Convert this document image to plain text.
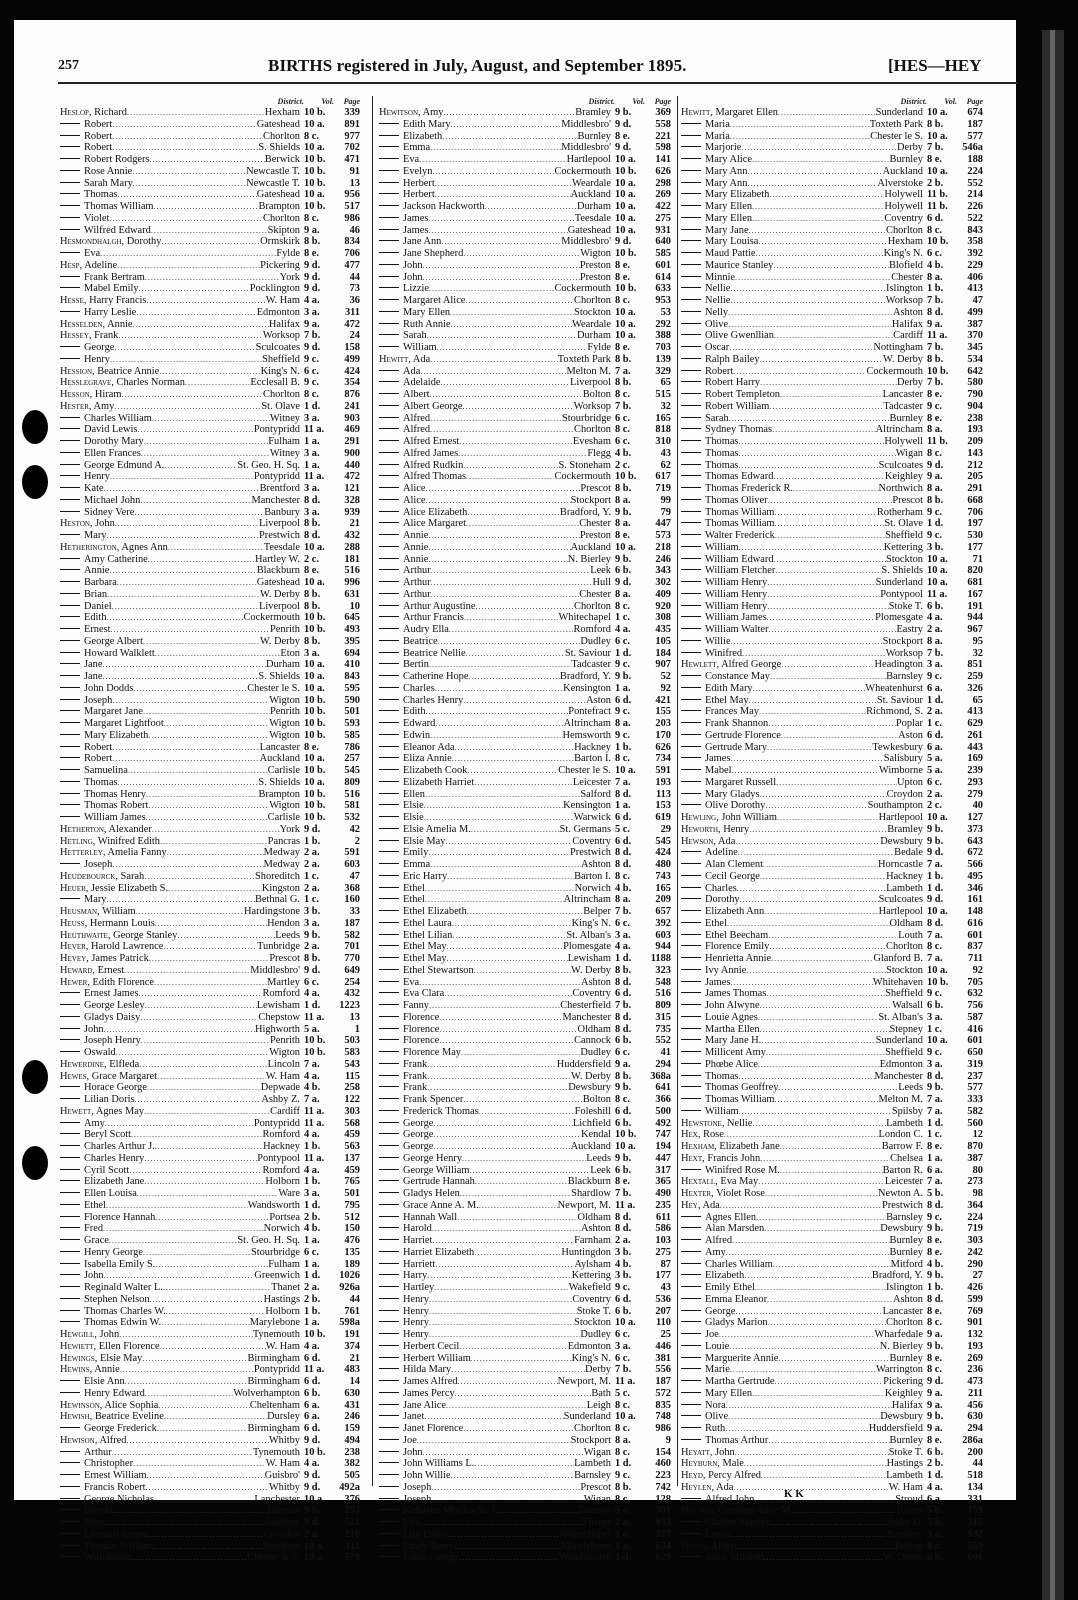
257	BIRTHS registered in July, August, and September 1895.	[HES—HEY
District.	Vol.	Page
Heslop, Richard .....	Hexham 10 b.	339
Robert .....	Gateshead 10 a.	891
Robert .....	Chorlton 8 c.	977
Robert .....	S. Shields 10 a.	702
Robert Rodgers .....	Berwick 10 b.	471
Rose Annie .....	Newcastle T. 10 b.	91
Sarah Mary .....	Newcastle T. 10 b.	13
Thomas .....	Gateshead 10 a.	956
Thomas William .....	Brampton 10 b.	517
Violet .....	Chorlton 8 c.	986
Wilfred Edward .....	Skipton 9 a.	46
Hesmondhalgh, Dorothy .....	Ormskirk 8 b.	834
Eva .....	Fylde 8 e.	706
Hesp, Adeline .....	Pickering 9 d.	477
Frank Bertram .....	York 9 d.	44
Mabel Emily .....	Pocklington 9 d.	73
Hesse, Harry Francis .....	W. Ham 4 a.	36
Harry Leslie .....	Edmonton 3 a.	311
Hesselden, Annie .....	Halifax 9 a.	472
Hessey, Frank .....	Worksop 7 b.	24
George .....	Sculcoates 9 d.	158
Henry .....	Sheffield 9 c.	499
Hession, Beatrice Annie .....	King's N. 6 c.	424
Hesslegrave, Charles Norman .....	Ecclesall B. 9 c.	354
Hesson, Hiram .....	Chorlton 8 c.	876
Hester, Amy .....	St. Olave 1 d.	241
Charles William .....	Witney 3 a.	903
David Lewis .....	Pontypridd 11 a.	469
Dorothy Mary .....	Fulham 1 a.	291
Ellen Frances .....	Witney 3 a.	900
George Edmund A. .....	St. Geo. H. Sq. 1 a.	440
Henry .....	Pontypridd 11 a.	472
Kate .....	Brentford 3 a.	121
Michael John .....	Manchester 8 d.	328
Sidney Vere .....	Banbury 3 a.	939
Heston, John .....	Liverpool 8 b.	21
Mary .....	Prestwich 8 d.	432
Hetherington, Agnes Ann .....	Teesdale 10 a.	288
Amy Catherine .....	Hartley W. 2 c.	181
Annie .....	Blackburn 8 e.	516
Barbara .....	Gateshead 10 a.	996
Brian .....	W. Derby 8 b.	631
Daniel .....	Liverpool 8 b.	10
Edith .....	Cockermouth 10 b.	645
Ernest .....	Penrith 10 b.	493
George Albert .....	W. Derby 8 b.	395
Howard Walklett .....	Eton 3 a.	694
Jane .....	Durham 10 a.	410
Jane .....	S. Shields 10 a.	843
John Dodds .....	Chester le S. 10 a.	595
Joseph .....	Wigton 10 b.	590
Margaret Jane .....	Penrith 10 b.	501
Margaret Lightfoot .....	Wigton 10 b.	593
Mary Elizabeth .....	Wigton 10 b.	585
Robert .....	Lancaster 8 e.	786
Robert .....	Auckland 10 a.	257
Samuelina .....	Carlisle 10 b.	545
Thomas .....	S. Shields 10 a.	809
Thomas Henry .....	Brampton 10 b.	516
Thomas Robert .....	Wigton 10 b.	581
William James .....	Carlisle 10 b.	532
Hetherton, Alexander .....	York 9 d.	42
Hetling, Winifred Edith .....	Pancras 1 b.	2
Hetterley, Amelia Fanny .....	Medway 2 a.	591
Joseph .....	Medway 2 a.	603
Heudebourck, Sarah .....	Shoreditch 1 c.	47
Heuer, Jessie Elizabeth S. .....	Kingston 2 a.	368
Mary .....	Bethnal G. 1 c.	160
Heusman, William .....	Hardingstone 3 b.	33
Heuss, Hermann Louis .....	Hendon 3 a.	187
Heuthwaite, George Stanley .....	Leeds 9 b.	582
Hever, Harold Lawrence .....	Tunbridge 2 a.	701
Hevey, James Patrick .....	Prescot 8 b.	770
Heward, Ernest .....	Middlesbro' 9 d.	649
Hewer, Edith Florence .....	Martley 6 c.	254
Ernest James .....	Romford 4 a.	432
George Lesley .....	Lewisham 1 d.	1223
Gladys Daisy .....	Chepstow 11 a.	13
John .....	Highworth 5 a.	1
Joseph Henry .....	Penrith 10 b.	503
Oswald .....	Wigton 10 b.	583
Hewerdine, Elfleda .....	Lincoln 7 a.	543
Hewes, Grace Margaret .....	W. Ham 4 a.	115
Horace George .....	Depwade 4 b.	258
Lilian Doris .....	Ashby Z. 7 a.	122
Hewett, Agnes May .....	Cardiff 11 a.	303
Amy .....	Pontypridd 11 a.	568
Beryl Scott .....	Romford 4 a.	459
Charles Arthur J. .....	Hackney 1 b.	563
Charles Henry .....	Pontypool 11 a.	137
Cyril Scott .....	Romford 4 a.	459
Elizabeth Jane .....	Holborn 1 b.	765
Ellen Louisa .....	Ware 3 a.	501
Ethel .....	Wandsworth 1 d.	795
Florence Hannah .....	Portsea 2 b.	512
Fred .....	Norwich 4 b.	150
Grace .....	St. Geo. H. Sq. 1 a.	476
Henry George .....	Stourbridge 6 c.	135
Isabella Emily S. .....	Fulham 1 a.	189
John .....	Greenwich 1 d.	1026
Reginald Walter L. .....	Thanet 2 a.	926a
Stephen Nelson .....	Hastings 2 b.	44
Thomas Charles W. .....	Holborn 1 b.	761
Thomas Edwin W. .....	Marylebone 1 a.	598a
Hewgill, John .....	Tynemouth 10 b.	191
Hewiett, Ellen Florence .....	W. Ham 4 a.	374
Hewings, Elsie May .....	Birmingham 6 d.	21
Hewins, Annie .....	Pontypridd 11 a.	483
Elsie Ann .....	Birmingham 6 d.	14
Henry Edward .....	Wolverhampton 6 b.	630
Hewinson, Alice Sophia .....	Cheltenham 6 a.	431
Hewish, Beatrice Eveline .....	Dursley 6 a.	246
George Frederick .....	Birmingham 6 d.	159
Hewison, Alfred .....	Whitby 9 d.	494
Arthur .....	Tynemouth 10 b.	238
Christopher .....	W. Ham 4 a.	382
Ernest William .....	Guisbro' 9 d.	505
Francis Robert .....	Whitby 9 d.	492a
George Nicholas .....	Lanchester 10 a.	376
Harold .....	Hunslet 9 b.	253
John .....	Guisbro' 9 d.	521
Leonard James .....	Croydon 2 a.	216
Thomas William .....	Stockton 10 a.	111
Williamina .....	Chester le S. 10 a.	579
District.	Vol.	Page
Hewitson, Amy .....	Bramley 9 b.	369
Edith Mary .....	Middlesbro' 9 d.	558
Elizabeth .....	Burnley 8 e.	221
Emma .....	Middlesbro' 9 d.	598
Eva .....	Hartlepool 10 a.	141
Evelyn .....	Cockermouth 10 b.	626
Herbert .....	Weardale 10 a.	298
Herbert .....	Auckland 10 a.	269
Jackson Hackworth .....	Durham 10 a.	422
James .....	Teesdale 10 a.	275
James .....	Gateshead 10 a.	931
Jane Ann .....	Middlesbro' 9 d.	640
Jane Shepherd .....	Wigton 10 b.	585
John .....	Preston 8 e.	601
John .....	Preston 8 e.	614
Lizzie .....	Cockermouth 10 b.	633
Margaret Alice .....	Chorlton 8 c.	953
Mary Ellen .....	Stockton 10 a.	53
Ruth Annie .....	Weardale 10 a.	292
Sarah .....	Durham 10 a.	388
William .....	Fylde 8 e.	703
Hewitt, Ada .....	Toxteth Park 8 b.	139
Ada .....	Melton M. 7 a.	329
Adelaide .....	Liverpool 8 b.	65
Albert .....	Bolton 8 c.	515
Albert George .....	Worksop 7 b.	32
Alfred .....	Stourbridge 6 c.	165
Alfred .....	Chorlton 8 c.	818
Alfred Ernest .....	Evesham 6 c.	310
Alfred James .....	Flegg 4 b.	43
Alfred Rudkin .....	S. Stoneham 2 c.	62
Alfred Thomas .....	Cockermouth 10 b.	617
Alice .....	Prescot 8 b.	719
Alice .....	Stockport 8 a.	99
Alice Elizabeth .....	Bradford, Y. 9 b.	79
Alice Margaret .....	Chester 8 a.	447
Annie .....	Preston 8 e.	573
Annie .....	Auckland 10 a.	218
Annie .....	N. Bierley 9 b.	246
Arthur .....	Leek 6 b.	343
Arthur .....	Hull 9 d.	302
Arthur .....	Chester 8 a.	409
Arthur Augustine .....	Chorlton 8 c.	920
Arthur Francis .....	Whitechapel 1 c.	308
Audry Ella .....	Romford 4 a.	435
Beatrice .....	Dudley 6 c.	105
Beatrice Nellie .....	St. Saviour 1 d.	184
Bertin .....	Tadcaster 9 c.	907
Catherine Hope .....	Bradford, Y. 9 b.	52
Charles .....	Kensington 1 a.	92
Charles Henry .....	Aston 6 d.	421
Edith .....	Pontefract 9 c.	155
Edward .....	Altrincham 8 a.	203
Edwin .....	Hemsworth 9 c.	170
Eleanor Ada .....	Hackney 1 b.	626
Eliza Annie .....	Barton I. 8 c.	734
Elizabeth Cook .....	Chester le S. 10 a.	591
Elizabeth Harriet .....	Leicester 7 a.	193
Ellen .....	Salford 8 d.	113
Elsie .....	Kensington 1 a.	153
Elsie .....	Warwick 6 d.	619
Elsie Amelia M. .....	St. Germans 5 c.	29
Elsie May .....	Coventry 6 d.	545
Emily .....	Prestwich 8 d.	424
Emma .....	Ashton 8 d.	480
Eric Harry .....	Barton I. 8 c.	743
Ethel .....	Norwich 4 b.	165
Ethel .....	Altrincham 8 a.	209
Ethel Elizabeth .....	Belper 7 b.	657
Ethel Laura .....	King's N. 6 c.	392
Ethel Lilian .....	St. Alban's 3 a.	603
Ethel May .....	Plomesgate 4 a.	944
Ethel May .....	Lewisham 1 d.	1188
Ethel Stewartson .....	W. Derby 8 b.	323
Eva .....	Ashton 8 d.	548
Eva Clara .....	Coventry 6 d.	516
Fanny .....	Chesterfield 7 b.	809
Florence .....	Manchester 8 d.	315
Florence .....	Oldham 8 d.	735
Florence .....	Cannock 6 b.	552
Florence May .....	Dudley 6 c.	41
Frank .....	Huddersfield 9 a.	294
Frank .....	W. Derby 8 b.	368a
Frank .....	Dewsbury 9 b.	641
Frank Spencer .....	Bolton 8 c.	366
Frederick Thomas .....	Foleshill 6 d.	500
George .....	Lichfield 6 b.	492
George .....	Kendal 10 b.	747
George .....	Auckland 10 a.	194
George Henry .....	Leeds 9 b.	447
George William .....	Leek 6 b.	317
Gertrude Hannah .....	Blackburn 8 e.	365
Gladys Helen .....	Shardlow 7 b.	490
Grace Anne A. M. .....	Newport, M. 11 a.	235
Hannah Wall .....	Oldham 8 d.	611
Harold .....	Ashton 8 d.	586
Harriet .....	Farnham 2 a.	103
Harriet Elizabeth .....	Huntingdon 3 b.	275
Harriett .....	Aylsham 4 b.	87
Harry .....	Kettering 3 b.	177
Hartley .....	Wakefield 9 c.	43
Henry .....	Coventry 6 d.	536
Henry .....	Stoke T. 6 b.	207
Henry .....	Stockton 10 a.	110
Henry .....	Dudley 6 c.	25
Herbert Cecil .....	Edmonton 3 a.	446
Herbert William .....	King's N. 6 c.	381
Hilda Mary .....	Derby 7 b.	556
James Alfred .....	Newport, M. 11 a.	187
James Percy .....	Bath 5 c.	572
Jane Alice .....	Leigh 8 c.	835
Janet .....	Sunderland 10 a.	748
Janet Florence .....	Chorlton 8 c.	986
Joe .....	Stockport 8 a.	9
John .....	Wigan 8 c.	154
John Williams L. .....	Lambeth 1 d.	460
John Willie .....	Barnsley 9 c.	223
Joseph .....	Prescot 8 b.	742
Joseph .....	Wigan 8 c.	128
Kathleen Monica St. J. .....	Taunton 5 c.	301
Lily .....	Thanet 2 a.	933
Lily Emily .....	Whitechapel 1 c.	327
Lindy Berry .....	Marylebone 1 a.	634
Louis George .....	Wandsworth 1 d.	629
District.	Vol.	Page
Hewitt, Margaret Ellen .....	Sunderland 10 a.	674
Maria .....	Toxteth Park 8 b.	187
Maria .....	Chester le S. 10 a.	577
Marjorie .....	Derby 7 b.	546a
Mary Alice .....	Burnley 8 e.	188
Mary Ann .....	Auckland 10 a.	224
Mary Ann .....	Alverstoke 2 b.	552
Mary Elizabeth .....	Holywell 11 b.	214
Mary Ellen .....	Holywell 11 b.	226
Mary Ellen .....	Coventry 6 d.	522
Mary Jane .....	Chorlton 8 c.	843
Mary Louisa .....	Hexham 10 b.	358
Maud Pattie .....	King's N. 6 c.	392
Maurice Stanley .....	Blofield 4 b.	229
Minnie .....	Chester 8 a.	406
Nellie .....	Islington 1 b.	413
Nellie .....	Worksop 7 b.	47
Nelly .....	Ashton 8 d.	499
Olive .....	Halifax 9 a.	387
Olive Gwenllian .....	Cardiff 11 a.	370
Oscar .....	Nottingham 7 b.	345
Ralph Bailey .....	W. Derby 8 b.	534
Robert .....	Cockermouth 10 b.	642
Robert Harry .....	Derby 7 b.	580
Robert Templeton .....	Lancaster 8 e.	790
Robert William .....	Tadcaster 9 c.	904
Sarah .....	Burnley 8 e.	238
Sydney Thomas .....	Altrincham 8 a.	193
Thomas .....	Holywell 11 b.	209
Thomas .....	Wigan 8 c.	143
Thomas .....	Sculcoates 9 d.	212
Thomas Edward .....	Keighley 9 a.	205
Thomas Frederick R. .....	Northwich 8 a.	291
Thomas Oliver .....	Prescot 8 b.	668
Thomas William .....	Rotherham 9 c.	706
Thomas William .....	St. Olave 1 d.	197
Walter Frederick .....	Sheffield 9 c.	530
William .....	Kettering 3 b.	177
William Edward .....	Stockton 10 a.	71
William Fletcher .....	S. Shields 10 a.	820
William Henry .....	Sunderland 10 a.	681
William Henry .....	Pontypool 11 a.	167
William Henry .....	Stoke T. 6 b.	191
William James .....	Plomesgate 4 a.	944
William Walter .....	Eastry 2 a.	967
Willie .....	Stockport 8 a.	95
Winifred .....	Worksop 7 b.	32
Hewlett, Alfred George .....	Headington 3 a.	851
Constance May .....	Barnsley 9 c.	259
Edith Mary .....	Wheatenhurst 6 a.	326
Ethel May .....	St. Saviour 1 d.	65
Frances May .....	Richmond, S. 2 a.	413
Frank Shannon .....	Poplar 1 c.	629
Gertrude Florence .....	Aston 6 d.	261
Gertrude Mary .....	Tewkesbury 6 a.	443
James .....	Salisbury 5 a.	169
Mabel .....	Wimborne 5 a.	239
Margaret Russell .....	Upton 6 c.	293
Mary Gladys .....	Croydon 2 a.	279
Olive Dorothy .....	Southampton 2 c.	40
Hewling, John William .....	Hartlepool 10 a.	127
Heworth, Henry .....	Bramley 9 b.	373
Hewson, Ada .....	Dewsbury 9 b.	643
Adeline .....	Bedale 9 d.	672
Alan Clement .....	Horncastle 7 a.	566
Cecil George .....	Hackney 1 b.	495
Charles .....	Lambeth 1 d.	346
Dorothy .....	Sculcoates 9 d.	161
Elizabeth Ann .....	Hartlepool 10 a.	148
Ethel .....	Oldham 8 d.	616
Ethel Beecham .....	Louth 7 a.	601
Florence Emily .....	Chorlton 8 c.	837
Henrietta Annie .....	Glanford B. 7 a.	711
Ivy Annie .....	Stockton 10 a.	92
James .....	Whitehaven 10 b.	705
James Thomas .....	Sheffield 9 c.	632
John Alwyne .....	Walsall 6 b.	756
Louie Agnes .....	St. Alban's 3 a.	587
Martha Ellen .....	Stepney 1 c.	416
Mary Jane H. .....	Sunderland 10 a.	601
Millicent Amy .....	Sheffield 9 c.	650
Phœbe Alice .....	Edmonton 3 a.	319
Thomas .....	Manchester 8 d.	237
Thomas Geoffrey .....	Leeds 9 b.	577
Thomas William .....	Melton M. 7 a.	333
William .....	Spilsby 7 a.	582
Hewstone, Nellie .....	Lambeth 1 d.	560
Hex, Rose .....	London C. 1 c.	12
Hexham, Elizabeth Jane .....	Barrow F. 8 e.	870
Hext, Francis John .....	Chelsea 1 a.	387
Winifred Rose M. .....	Barton R. 6 a.	80
Hextall, Eva May .....	Leicester 7 a.	273
Hexter, Violet Rose .....	Newton A. 5 b.	98
Hey, Ada .....	Prestwich 8 d.	364
Agnes Ellen .....	Barnsley 9 c.	224
Alan Marsden .....	Dewsbury 9 b.	719
Alfred .....	Burnley 8 e.	303
Amy .....	Burnley 8 e.	242
Charles William .....	Mitford 4 b.	290
Elizabeth .....	Bradford, Y. 9 b.	27
Emily Ethel .....	Islington 1 b.	426
Emma Eleanor .....	Ashton 8 d.	599
George .....	Lancaster 8 e.	769
Gladys Marion .....	Chorlton 8 c.	901
Joe .....	Wharfedale 9 a.	132
Louie .....	N. Bierley 9 b.	193
Marguerite Annie .....	Burnley 8 e.	269
Marie .....	Warrington 8 c.	236
Martha Gertrude .....	Pickering 9 d.	473
Mary Ellen .....	Keighley 9 a.	211
Nora .....	Halifax 9 a.	456
Olive .....	Dewsbury 9 b.	630
Ruth .....	Huddersfield 9 a.	294
Thomas Arthur .....	Burnley 8 e.	286a
Heyatt, John .....	Stoke T. 6 b.	200
Heyburn, Male .....	Hastings 2 b.	44
Heyd, Percy Alfred .....	Lambeth 1 d.	518
Heylen, Ada .....	W. Ham 4 a.	134
Alfred John .....	Stroud 6 a.	331
Heydon, Caroline Alice M. .....	Totnes 5 b.	159
Charles Stanley .....	Stoke D. 5 b.	315
Lewis .....	Banbury 3 a.	932
Heyes, Albert .....	Bolton 8 c.	559
Alice Mildred .....	W. Derby 8 b.	601
K K
